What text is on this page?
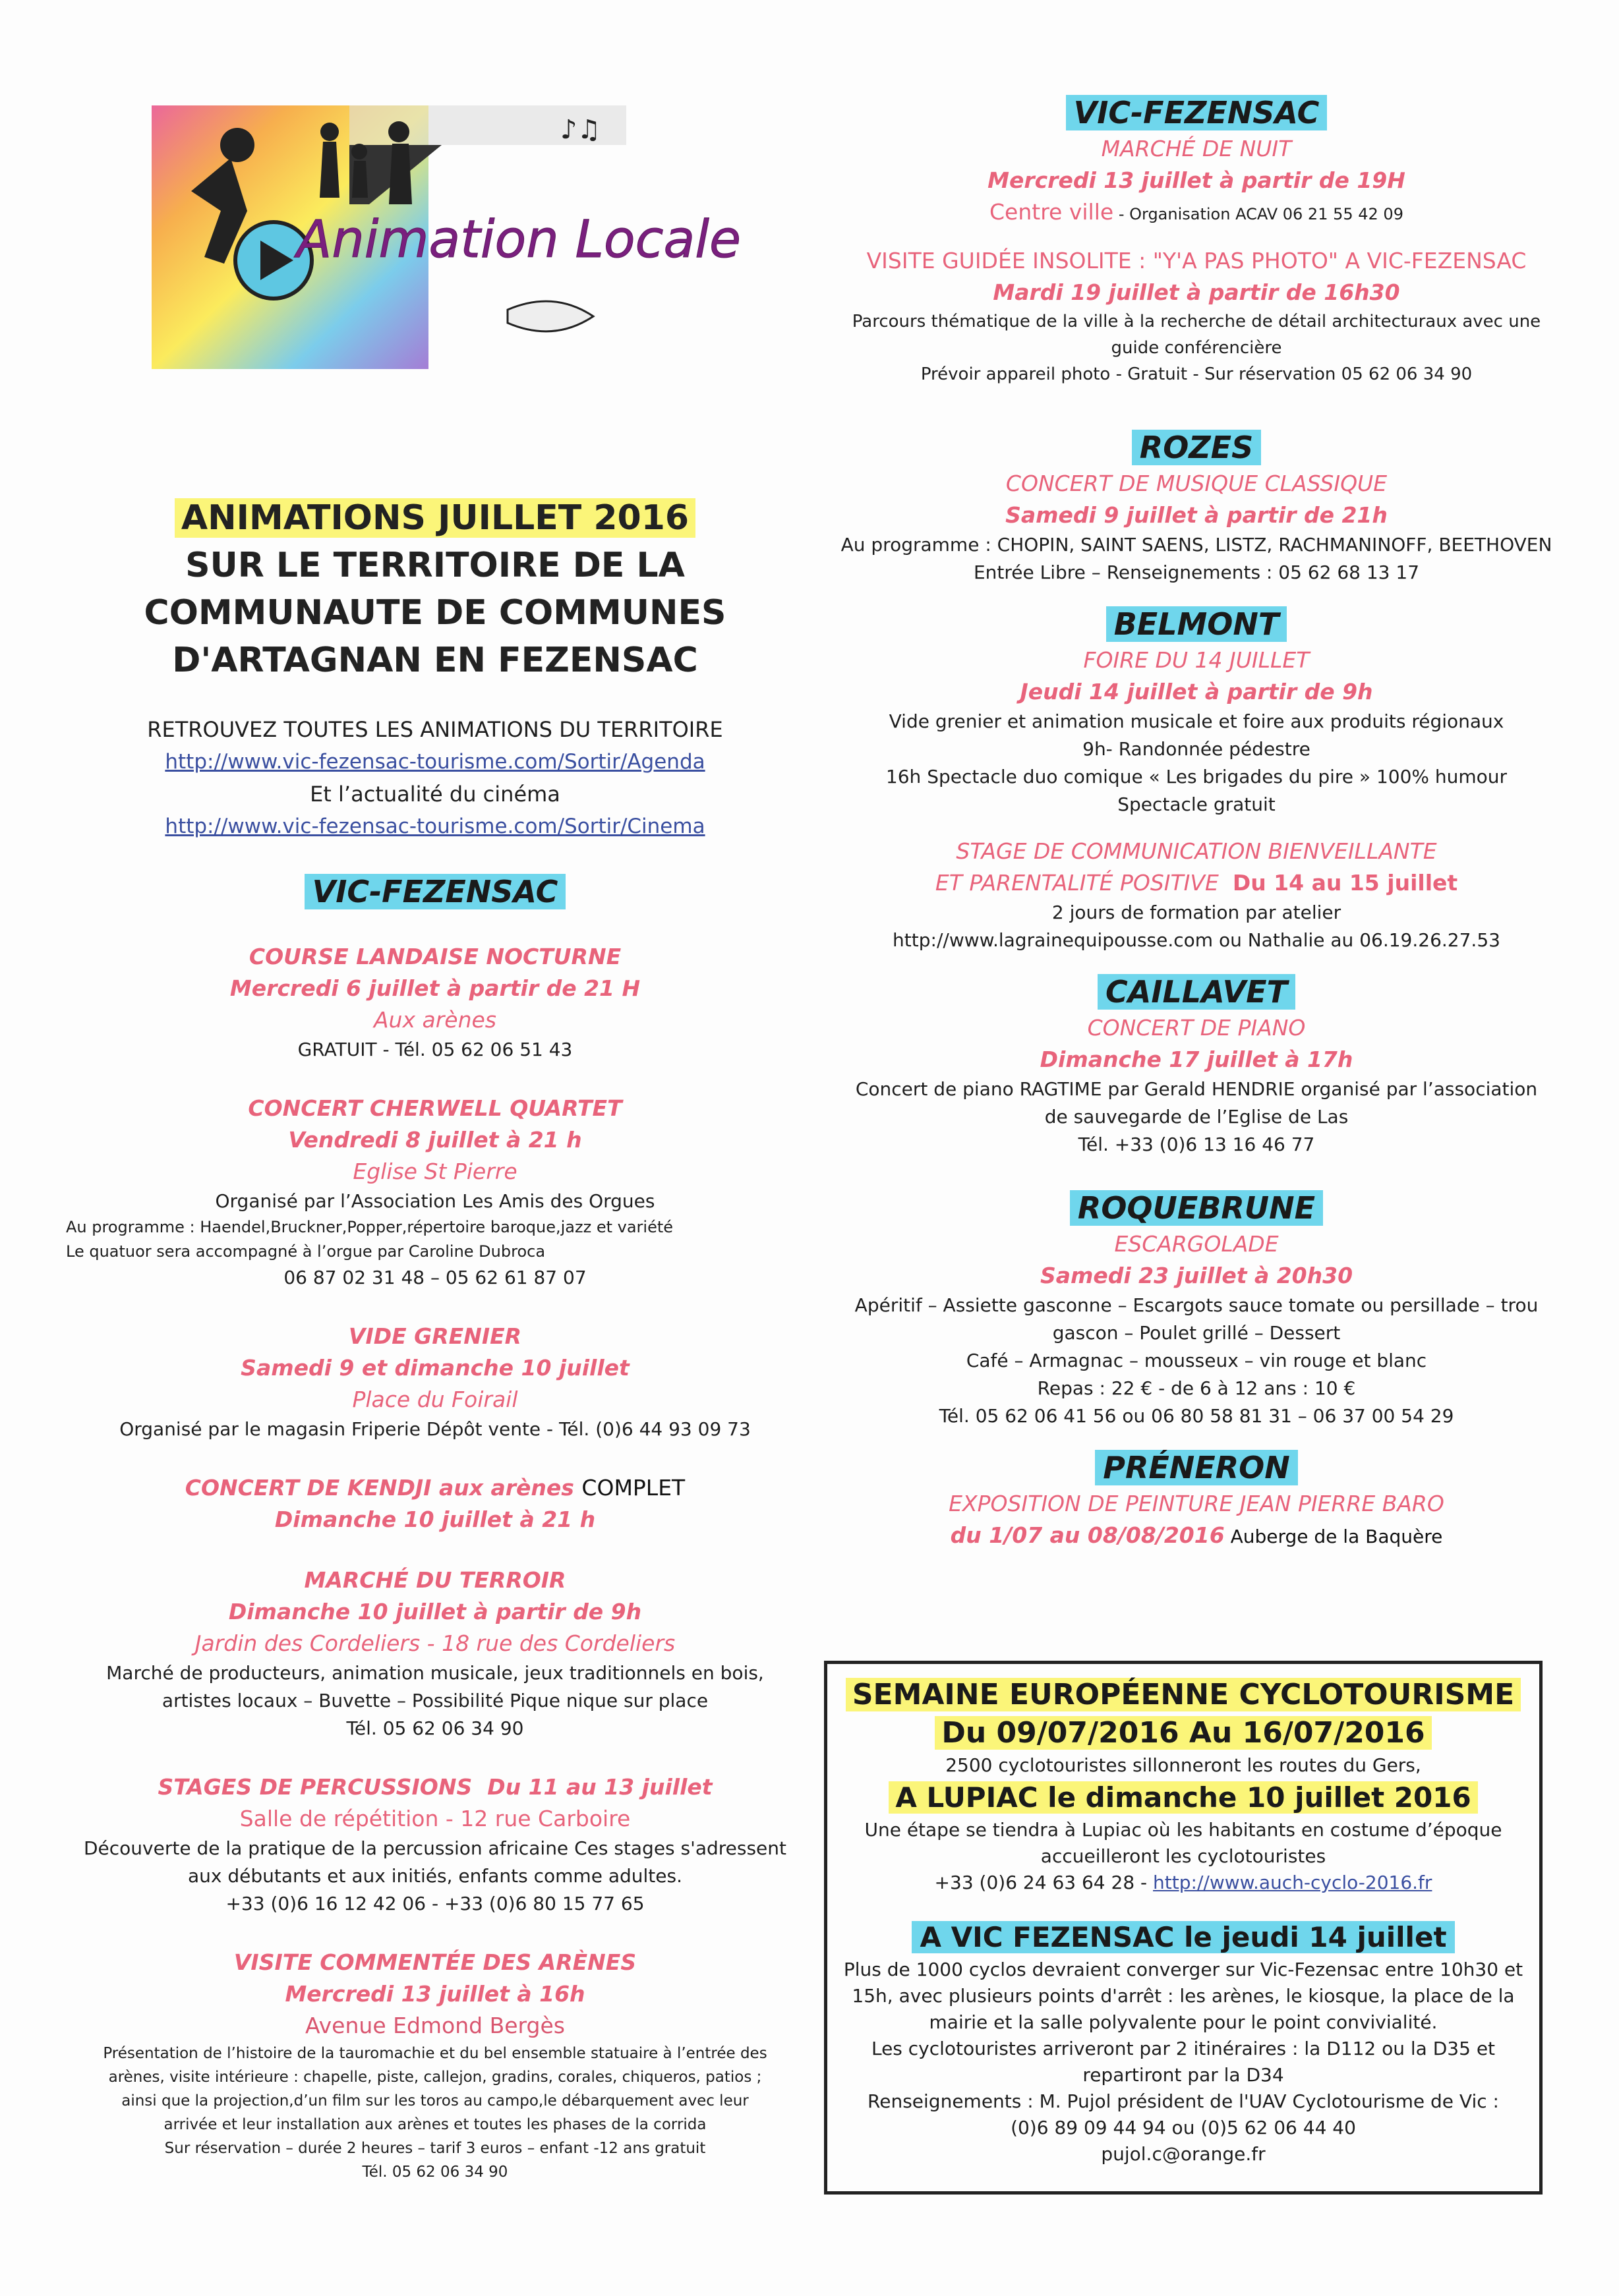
♪♫
Animation Locale

ANIMATIONS JUILLET 2016

SUR LE TERRITOIRE DE LA

COMMUNAUTE DE COMMUNES

D'ARTAGNAN EN FEZENSAC

RETROUVEZ TOUTES LES ANIMATIONS DU TERRITOIRE

http://www.vic-fezensac-tourisme.com/Sortir/Agenda

Et l’actualité du cinéma

http://www.vic-fezensac-tourisme.com/Sortir/Cinema

VIC-FEZENSAC

COURSE LANDAISE NOCTURNE

Mercredi 6 juillet à partir de 21 H

Aux arènes

GRATUIT - Tél. 05 62 06 51 43

CONCERT CHERWELL QUARTET

Vendredi 8 juillet à 21 h

Eglise St Pierre

Organisé par l’Association Les Amis des Orgues

Au programme : Haendel,Bruckner,Popper,répertoire baroque,jazz et variété

Le quatuor sera accompagné à l’orgue par Caroline Dubroca

06 87 02 31 48 – 05 62 61 87 07

VIDE GRENIER

Samedi 9 et dimanche 10 juillet

Place du Foirail

Organisé par le magasin Friperie Dépôt vente - Tél. (0)6 44 93 09 73

CONCERT DE KENDJI aux arènes COMPLET

Dimanche 10 juillet à 21 h

MARCHÉ DU TERROIR

Dimanche 10 juillet à partir de 9h

Jardin des Cordeliers - 18 rue des Cordeliers

Marché de producteurs, animation musicale, jeux traditionnels en bois,

artistes locaux – Buvette – Possibilité Pique nique sur place

Tél. 05 62 06 34 90

STAGES DE PERCUSSIONS Du 11 au 13 juillet

Salle de répétition - 12 rue Carboire

Découverte de la pratique de la percussion africaine Ces stages s'adressent

aux débutants et aux initiés, enfants comme adultes.

+33 (0)6 16 12 42 06 - +33 (0)6 80 15 77 65

VISITE COMMENTÉE DES ARÈNES

Mercredi 13 juillet à 16h

Avenue Edmond Bergès

Présentation de l’histoire de la tauromachie et du bel ensemble statuaire à l’entrée des

arènes, visite intérieure : chapelle, piste, callejon, gradins, corales, chiqueros, patios ;

ainsi que la projection,d’un film sur les toros au campo,le débarquement avec leur

arrivée et leur installation aux arènes et toutes les phases de la corrida

Sur réservation – durée 2 heures – tarif 3 euros – enfant -12 ans gratuit

Tél. 05 62 06 34 90

VIC-FEZENSAC

MARCHÉ DE NUIT

Mercredi 13 juillet à partir de 19H

Centre ville - Organisation ACAV 06 21 55 42 09

VISITE GUIDÉE INSOLITE : "Y'A PAS PHOTO" A VIC-FEZENSAC

Mardi 19 juillet à partir de 16h30

Parcours thématique de la ville à la recherche de détail architecturaux avec une

guide conférencière

Prévoir appareil photo - Gratuit - Sur réservation 05 62 06 34 90

ROZES

CONCERT DE MUSIQUE CLASSIQUE

Samedi 9 juillet à partir de 21h

Au programme : CHOPIN, SAINT SAENS, LISTZ, RACHMANINOFF, BEETHOVEN

Entrée Libre – Renseignements : 05 62 68 13 17

BELMONT

FOIRE DU 14 JUILLET

Jeudi 14 juillet à partir de 9h

Vide grenier et animation musicale et foire aux produits régionaux

9h- Randonnée pédestre

16h Spectacle duo comique « Les brigades du pire » 100% humour

Spectacle gratuit

STAGE DE COMMUNICATION BIENVEILLANTE

ET PARENTALITÉ POSITIVE Du 14 au 15 juillet

2 jours de formation par atelier

http://www.lagrainequipousse.com ou Nathalie au 06.19.26.27.53

CAILLAVET

CONCERT DE PIANO

Dimanche 17 juillet à 17h

Concert de piano RAGTIME par Gerald HENDRIE organisé par l’association

de sauvegarde de l’Eglise de Las

Tél. +33 (0)6 13 16 46 77

ROQUEBRUNE

ESCARGOLADE

Samedi 23 juillet à 20h30

Apéritif – Assiette gasconne – Escargots sauce tomate ou persillade – trou

gascon – Poulet grillé – Dessert

Café – Armagnac – mousseux – vin rouge et blanc

Repas : 22 € - de 6 à 12 ans : 10 €

Tél. 05 62 06 41 56 ou 06 80 58 81 31 – 06 37 00 54 29

PRÉNERON

EXPOSITION DE PEINTURE JEAN PIERRE BARO

du 1/07 au 08/08/2016 Auberge de la Baquère

SEMAINE EUROPÉENNE CYCLOTOURISME

Du 09/07/2016 Au 16/07/2016

2500 cyclotouristes sillonneront les routes du Gers,

A LUPIAC le dimanche 10 juillet 2016

Une étape se tiendra à Lupiac où les habitants en costume d’époque

accueilleront les cyclotouristes

+33 (0)6 24 63 64 28 - http://www.auch-cyclo-2016.fr

A VIC FEZENSAC le jeudi 14 juillet

Plus de 1000 cyclos devraient converger sur Vic-Fezensac entre 10h30 et

15h, avec plusieurs points d'arrêt : les arènes, le kiosque, la place de la

mairie et la salle polyvalente pour le point convivialité.

Les cyclotouristes arriveront par 2 itinéraires : la D112 ou la D35 et

repartiront par la D34

Renseignements : M. Pujol président de l'UAV Cyclotourisme de Vic :

(0)6 89 09 44 94 ou (0)5 62 06 44 40

pujol.c@orange.fr
